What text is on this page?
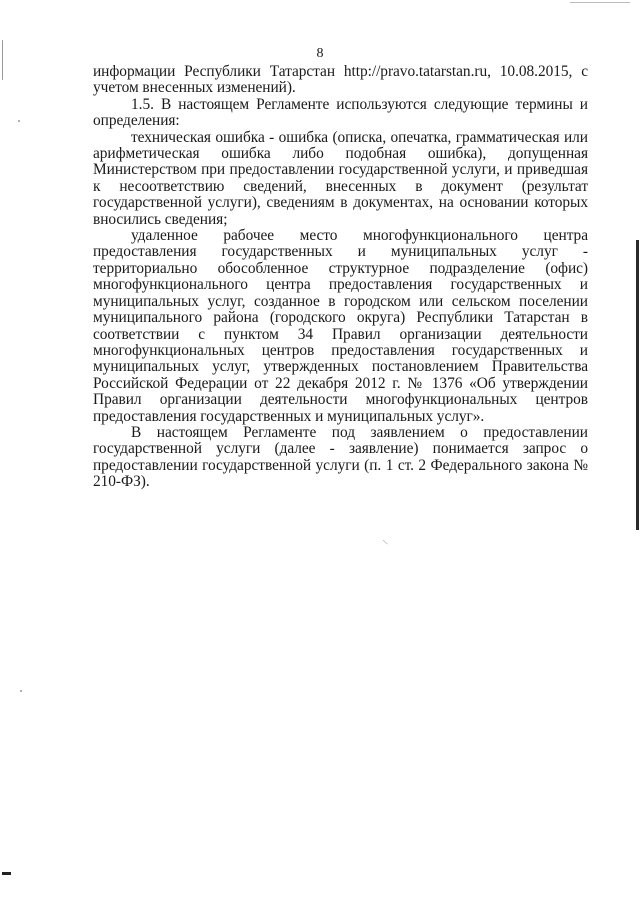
8

информации Республики Татарстан http://pravo.tatarstan.ru, 10.08.2015, с учетом внесенных изменений).

1.5. В настоящем Регламенте используются следующие термины и определения:

техническая ошибка - ошибка (описка, опечатка, грамматическая или арифметическая ошибка либо подобная ошибка), допущенная Министерством при предоставлении государственной услуги, и приведшая к несоответствию сведений, внесенных в документ (результат государственной услуги), сведениям в документах, на основании которых вносились сведения;

удаленное рабочее место многофункционального центра предоставления государственных и муниципальных услуг - территориально обособленное структурное подразделение (офис) многофункционального центра предоставления государственных и муниципальных услуг, созданное в городском или сельском поселении муниципального района (городского округа) Республики Татарстан в соответствии с пунктом 34 Правил организации деятельности многофункциональных центров предоставления государственных и муниципальных услуг, утвержденных постановлением Правительства Российской Федерации от 22 декабря 2012 г. № 1376 «Об утверждении Правил организации деятельности многофункциональных центров предоставления государственных и муниципальных услуг».

В настоящем Регламенте под заявлением о предоставлении государственной услуги (далее - заявление) понимается запрос о предоставлении государственной услуги (п. 1 ст. 2 Федерального закона № 210-ФЗ).

\
